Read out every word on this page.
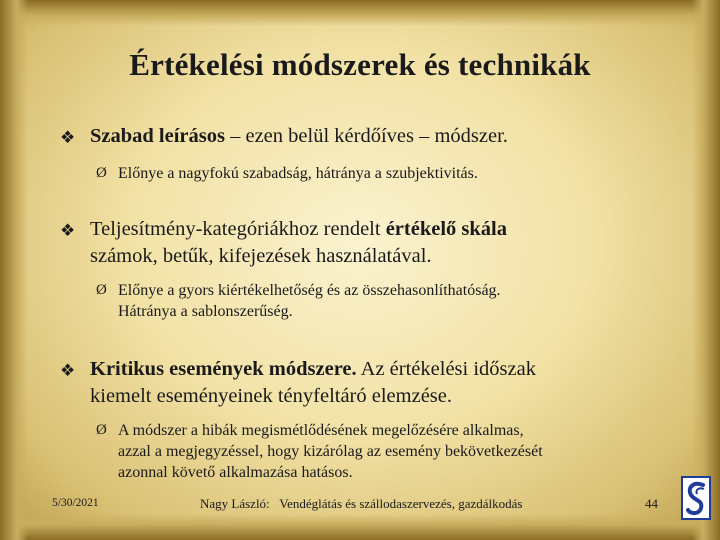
Értékelési módszerek és technikák
❖ Szabad leírásos – ezen belül kérdőíves – módszer.
Ø Előnye a nagyfokú szabadság, hátránya a szubjektivitás.
❖ Teljesítmény-kategóriákhoz rendelt értékelő skála
számok, betűk, kifejezések használatával.
Ø Előnye a gyors kiértékelhetőség és az összehasonlíthatóság.
Hátránya a sablonszerűség.
❖ Kritikus események módszere. Az értékelési időszak
kiemelt eseményeinek tényfeltáró elemzése.
Ø A módszer a hibák megismétlődésének megelőzésére alkalmas,
azzal a megjegyzéssel, hogy kizárólag az esemény bekövetkezését
azonnal követő alkalmazása hatásos.
5/30/2021	Nagy László: Vendéglátás és szállodaszervezés, gazdálkodás	44
